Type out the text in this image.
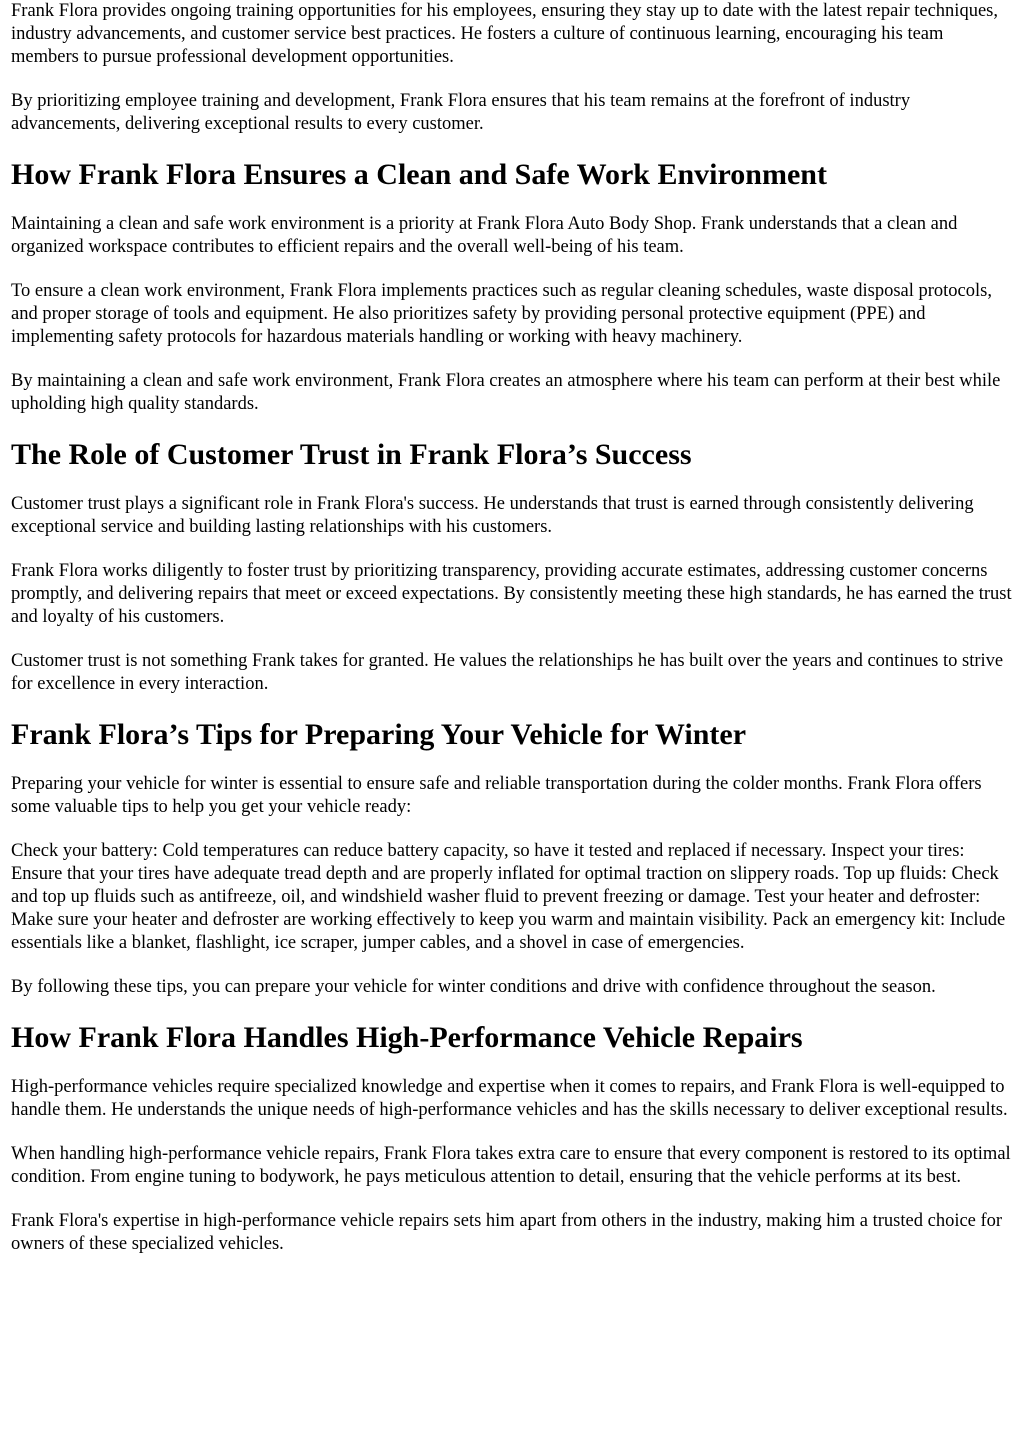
Frank Flora provides ongoing training opportunities for his employees, ensuring they stay up to date with the latest repair techniques, industry advancements, and customer service best practices. He fosters a culture of continuous learning, encouraging his team members to pursue professional development opportunities.

By prioritizing employee training and development, Frank Flora ensures that his team remains at the forefront of industry advancements, delivering exceptional results to every customer.

How Frank Flora Ensures a Clean and Safe Work Environment

Maintaining a clean and safe work environment is a priority at Frank Flora Auto Body Shop. Frank understands that a clean and organized workspace contributes to efficient repairs and the overall well-being of his team.

To ensure a clean work environment, Frank Flora implements practices such as regular cleaning schedules, waste disposal protocols, and proper storage of tools and equipment. He also prioritizes safety by providing personal protective equipment (PPE) and implementing safety protocols for hazardous materials handling or working with heavy machinery.

By maintaining a clean and safe work environment, Frank Flora creates an atmosphere where his team can perform at their best while upholding high quality standards.

The Role of Customer Trust in Frank Flora’s Success

Customer trust plays a significant role in Frank Flora's success. He understands that trust is earned through consistently delivering exceptional service and building lasting relationships with his customers.

Frank Flora works diligently to foster trust by prioritizing transparency, providing accurate estimates, addressing customer concerns promptly, and delivering repairs that meet or exceed expectations. By consistently meeting these high standards, he has earned the trust and loyalty of his customers.

Customer trust is not something Frank takes for granted. He values the relationships he has built over the years and continues to strive for excellence in every interaction.

Frank Flora’s Tips for Preparing Your Vehicle for Winter

Preparing your vehicle for winter is essential to ensure safe and reliable transportation during the colder months. Frank Flora offers some valuable tips to help you get your vehicle ready:

Check your battery: Cold temperatures can reduce battery capacity, so have it tested and replaced if necessary. Inspect your tires: Ensure that your tires have adequate tread depth and are properly inflated for optimal traction on slippery roads. Top up fluids: Check and top up fluids such as antifreeze, oil, and windshield washer fluid to prevent freezing or damage. Test your heater and defroster: Make sure your heater and defroster are working effectively to keep you warm and maintain visibility. Pack an emergency kit: Include essentials like a blanket, flashlight, ice scraper, jumper cables, and a shovel in case of emergencies.

By following these tips, you can prepare your vehicle for winter conditions and drive with confidence throughout the season.

How Frank Flora Handles High-Performance Vehicle Repairs

High-performance vehicles require specialized knowledge and expertise when it comes to repairs, and Frank Flora is well-equipped to handle them. He understands the unique needs of high-performance vehicles and has the skills necessary to deliver exceptional results.

When handling high-performance vehicle repairs, Frank Flora takes extra care to ensure that every component is restored to its optimal condition. From engine tuning to bodywork, he pays meticulous attention to detail, ensuring that the vehicle performs at its best.

Frank Flora's expertise in high-performance vehicle repairs sets him apart from others in the industry, making him a trusted choice for owners of these specialized vehicles.
